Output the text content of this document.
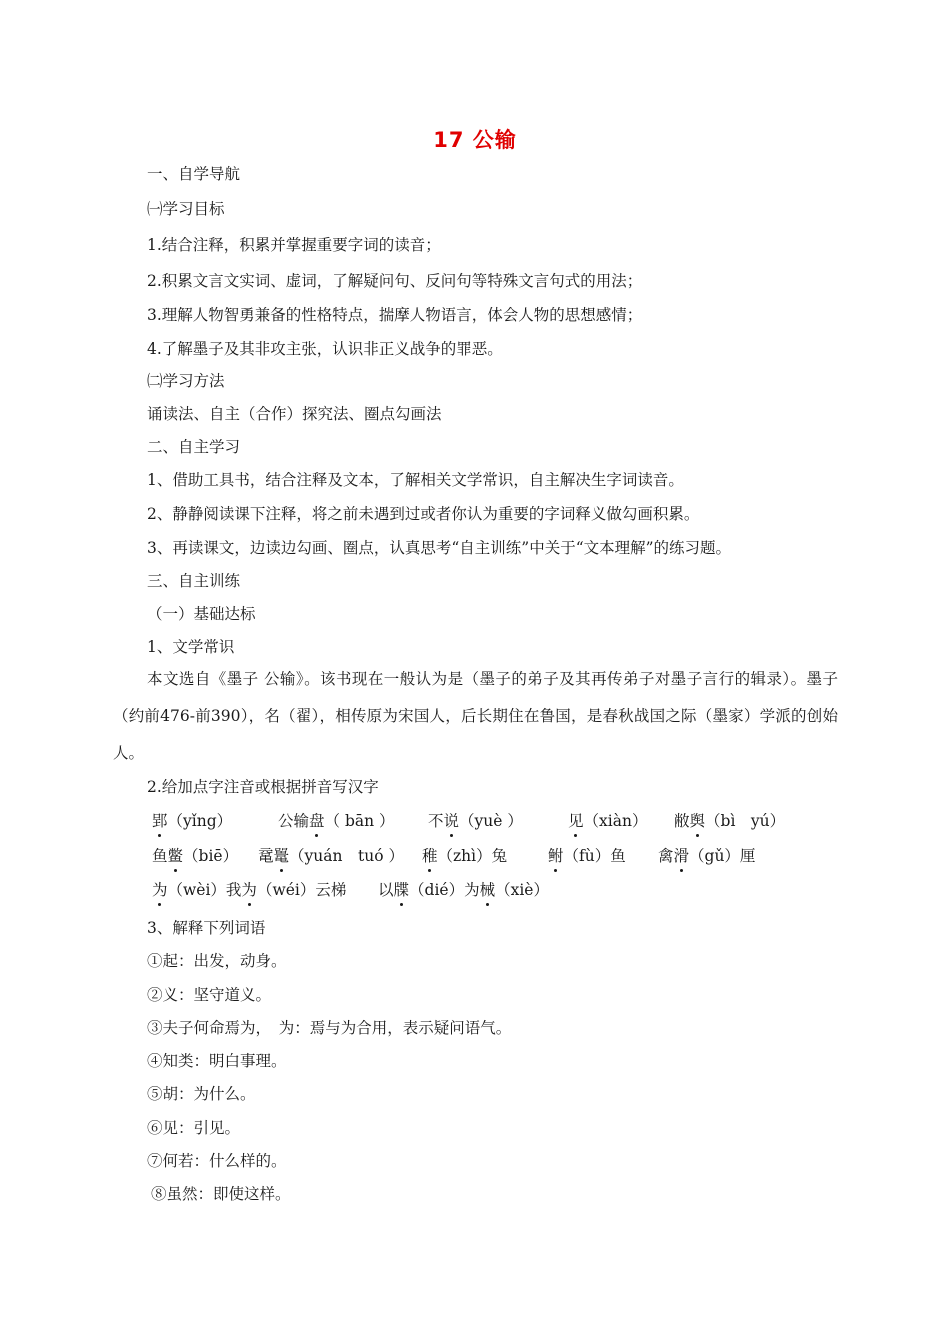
17 公输
一、自学导航
㈠学习目标
1.结合注释，积累并掌握重要字词的读音；
2.积累文言文实词、虚词，了解疑问句、反问句等特殊文言句式的用法；
3.理解人物智勇兼备的性格特点，揣摩人物语言，体会人物的思想感情；
4.了解墨子及其非攻主张，认识非正义战争的罪恶。
㈡学习方法
诵读法、自主（合作）探究法、圈点勾画法
二、自主学习
1、借助工具书，结合注释及文本，了解相关文学常识，自主解决生字词读音。
2、静静阅读课下注释，将之前未遇到过或者你认为重要的字词释义做勾画积累。
3、再读课文，边读边勾画、圈点，认真思考“自主训练”中关于“文本理解”的练习题。
三、自主训练
（一）基础达标
1、文学常识
本文选自《墨子 公输》。该书现在一般认为是（墨子的弟子及其再传弟子对墨子言行的辑录）。墨子（约前476-前390），名（翟），相传原为宋国人，后长期住在鲁国，是春秋战国之际（墨家）学派的创始人。
2.给加点字注音或根据拼音写汉字
郢（yǐng）	公输盘（ bān ） 不说（yuè ）	见（xiàn） 敝舆（bì　yú）
鱼鳖（biē） 鼋鼍（yuán　tuó ） 稚（zhì）兔	鲋（fù）鱼 禽滑（gǔ）厘
为（wèi）我为（wéi）云梯 以牒（dié）为械（xiè）
3、解释下列词语
①起：出发，动身。
②义：坚守道义。
③夫子何命焉为，　为：焉与为合用，表示疑问语气。
④知类：明白事理。
⑤胡：为什么。
⑥见：引见。
⑦何若：什么样的。
⑧虽然：即使这样。
